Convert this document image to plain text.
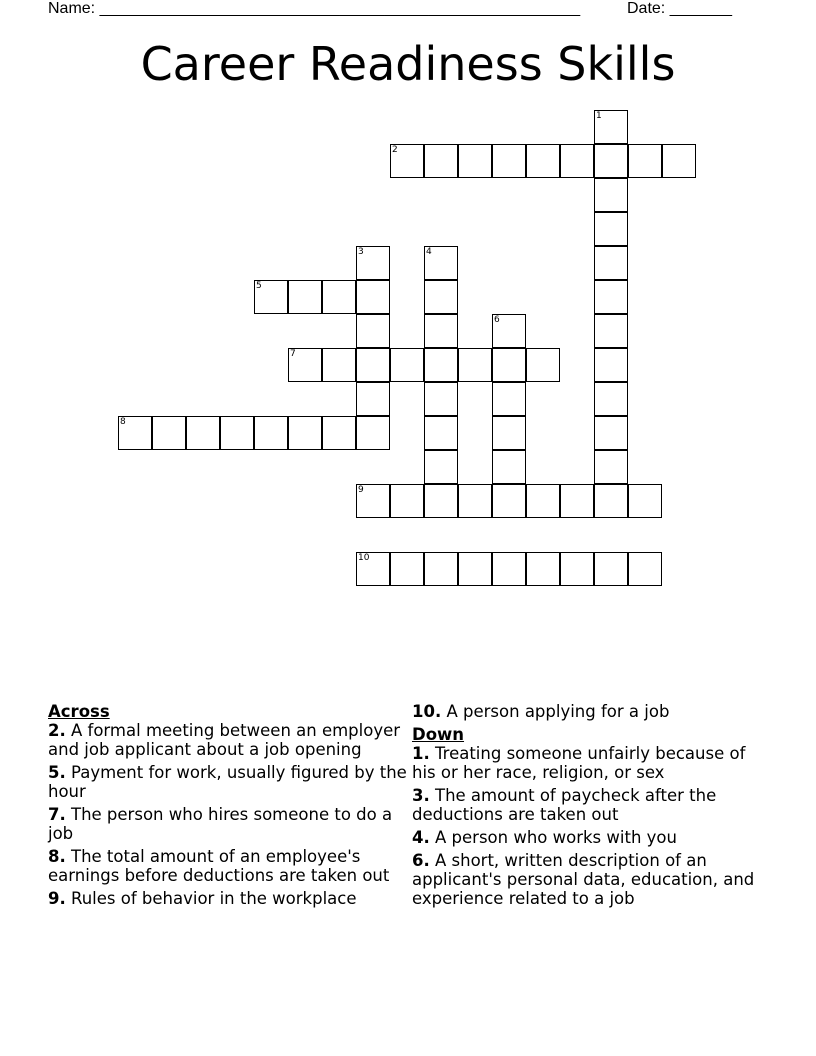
Name: ______________________________________________________	Date: _______
Career Readiness Skills
1
2
3	4
5
6
7
8
9
10
Across
2. A formal meeting between an employer and job applicant about a job opening
5. Payment for work, usually figured by the hour
7. The person who hires someone to do a job
8. The total amount of an employee's earnings before deductions are taken out
9. Rules of behavior in the workplace
10. A person applying for a job
Down
1. Treating someone unfairly because of his or her race, religion, or sex
3. The amount of paycheck after the deductions are taken out
4. A person who works with you
6. A short, written description of an applicant's personal data, education, and experience related to a job
